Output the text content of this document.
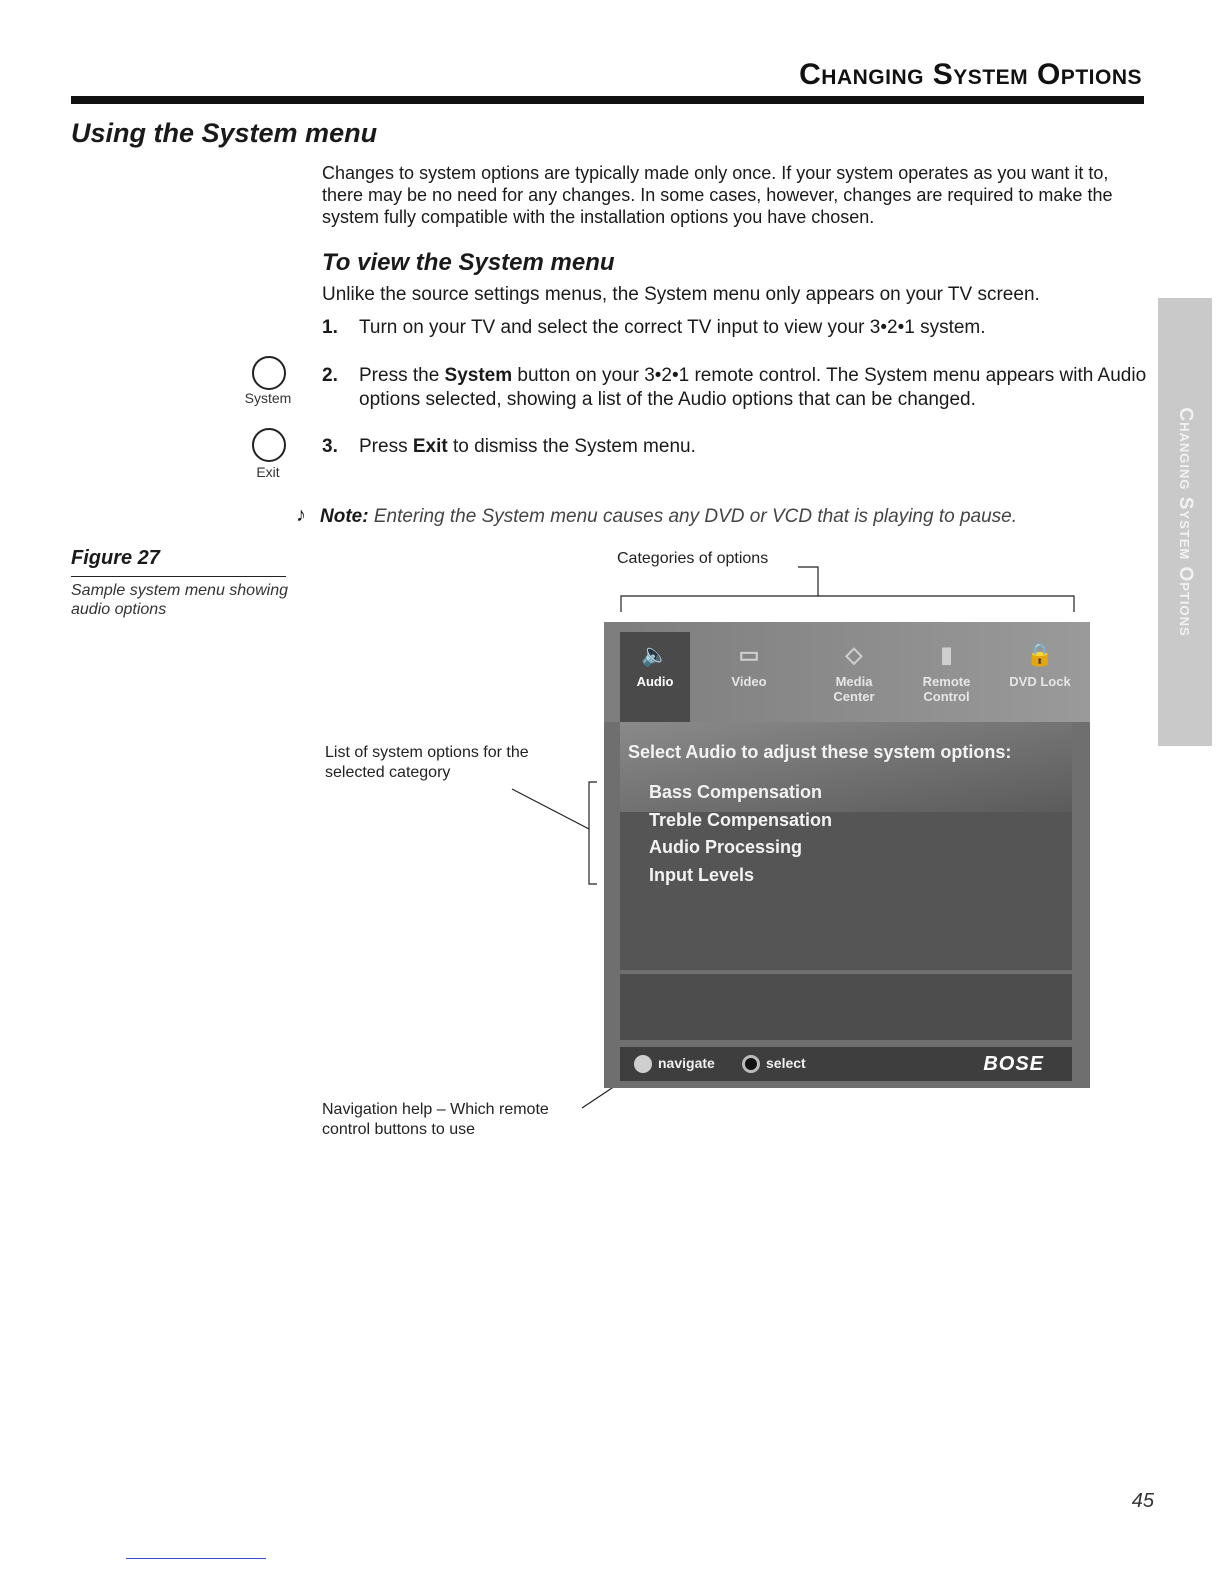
Changing System Options
Using the System menu
Changes to system options are typically made only once. If your system operates as you want it to, there may be no need for any changes. In some cases, however, changes are required to make the system fully compatible with the installation options you have chosen.
To view the System menu
Unlike the source settings menus, the System menu only appears on your TV screen.
1. Turn on your TV and select the correct TV input to view your 3•2•1 system.
2. Press the System button on your 3•2•1 remote control. The System menu appears with Audio options selected, showing a list of the Audio options that can be changed.
3. Press Exit to dismiss the System menu.
System
Exit
♪ Note: Entering the System menu causes any DVD or VCD that is playing to pause.
Figure 27
Sample system menu showing audio options
Categories of options
List of system options for the selected category
Navigation help – Which remote control buttons to use
🔈
Audio
▭
Video
◇
Media Center
▮
Remote Control
🔒
DVD Lock
Select Audio to adjust these system options:
Bass Compensation
Treble Compensation
Audio Processing
Input Levels
navigate	select	BOSE
Changing System Options
45
